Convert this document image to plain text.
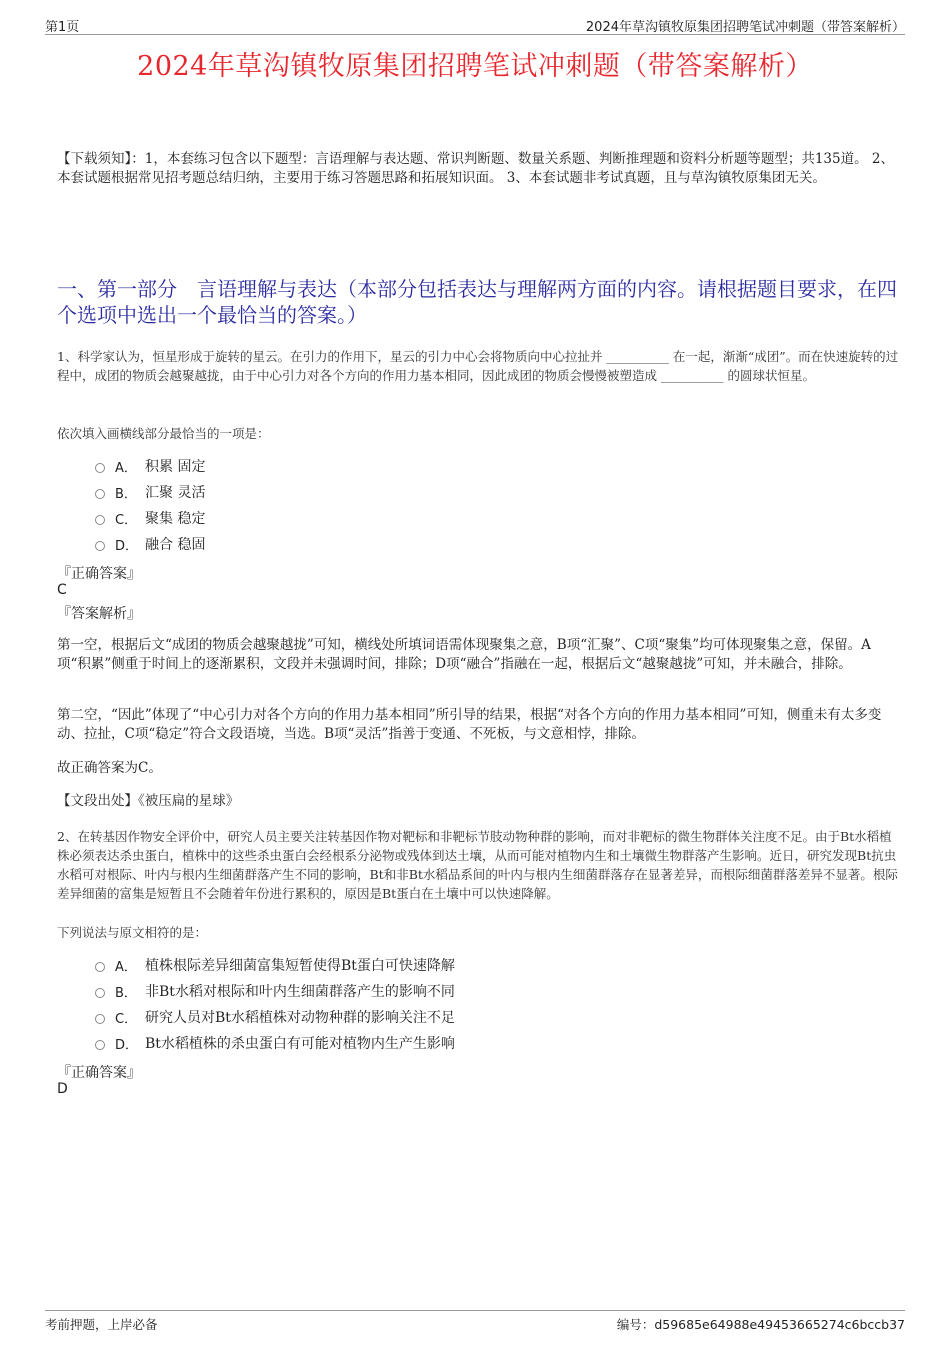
第1页	2024年草沟镇牧原集团招聘笔试冲刺题（带答案解析）
2024年草沟镇牧原集团招聘笔试冲刺题（带答案解析）
【下载须知】：1，本套练习包含以下题型：言语理解与表达题、常识判断题、数量关系题、判断推理题和资料分析题等题型；共135道。 2、本套试题根据常见招考题总结归纳，主要用于练习答题思路和拓展知识面。 3、本套试题非考试真题，且与草沟镇牧原集团无关。
一、第一部分　言语理解与表达（本部分包括表达与理解两方面的内容。请根据题目要求，在四个选项中选出一个最恰当的答案。）
1、科学家认为，恒星形成于旋转的星云。在引力的作用下，星云的引力中心会将物质向中心拉扯并 __________ 在一起，渐渐“成团”。而在快速旋转的过程中，成团的物质会越聚越拢，由于中心引力对各个方向的作用力基本相同，因此成团的物质会慢慢被塑造成 __________ 的圆球状恒星。
依次填入画横线部分最恰当的一项是：
A． 积累 固定
B． 汇聚 灵活
C． 聚集 稳定
D． 融合 稳固
『正确答案』
C
『答案解析』
第一空，根据后文“成团的物质会越聚越拢”可知，横线处所填词语需体现聚集之意，B项“汇聚”、C项“聚集”均可体现聚集之意，保留。A项“积累”侧重于时间上的逐渐累积，文段并未强调时间，排除；D项“融合”指融在一起，根据后文“越聚越拢”可知，并未融合，排除。
第二空，“因此”体现了“中心引力对各个方向的作用力基本相同”所引导的结果，根据“对各个方向的作用力基本相同”可知，侧重未有太多变动、拉扯，C项“稳定”符合文段语境，当选。B项“灵活”指善于变通、不死板，与文意相悖，排除。
故正确答案为C。
【文段出处】《被压扁的星球》
2、在转基因作物安全评价中，研究人员主要关注转基因作物对靶标和非靶标节肢动物种群的影响，而对非靶标的微生物群体关注度不足。由于Bt水稻植株必须表达杀虫蛋白，植株中的这些杀虫蛋白会经根系分泌物或残体到达土壤，从而可能对植物内生和土壤微生物群落产生影响。近日，研究发现Bt抗虫水稻可对根际、叶内与根内生细菌群落产生不同的影响，Bt和非Bt水稻品系间的叶内与根内生细菌群落存在显著差异，而根际细菌群落差异不显著。根际差异细菌的富集是短暂且不会随着年份进行累积的，原因是Bt蛋白在土壤中可以快速降解。
下列说法与原文相符的是：
A． 植株根际差异细菌富集短暂使得Bt蛋白可快速降解
B． 非Bt水稻对根际和叶内生细菌群落产生的影响不同
C． 研究人员对Bt水稻植株对动物种群的影响关注不足
D． Bt水稻植株的杀虫蛋白有可能对植物内生产生影响
『正确答案』
D
考前押题，上岸必备	编号：d59685e64988e49453665274c6bccb37
